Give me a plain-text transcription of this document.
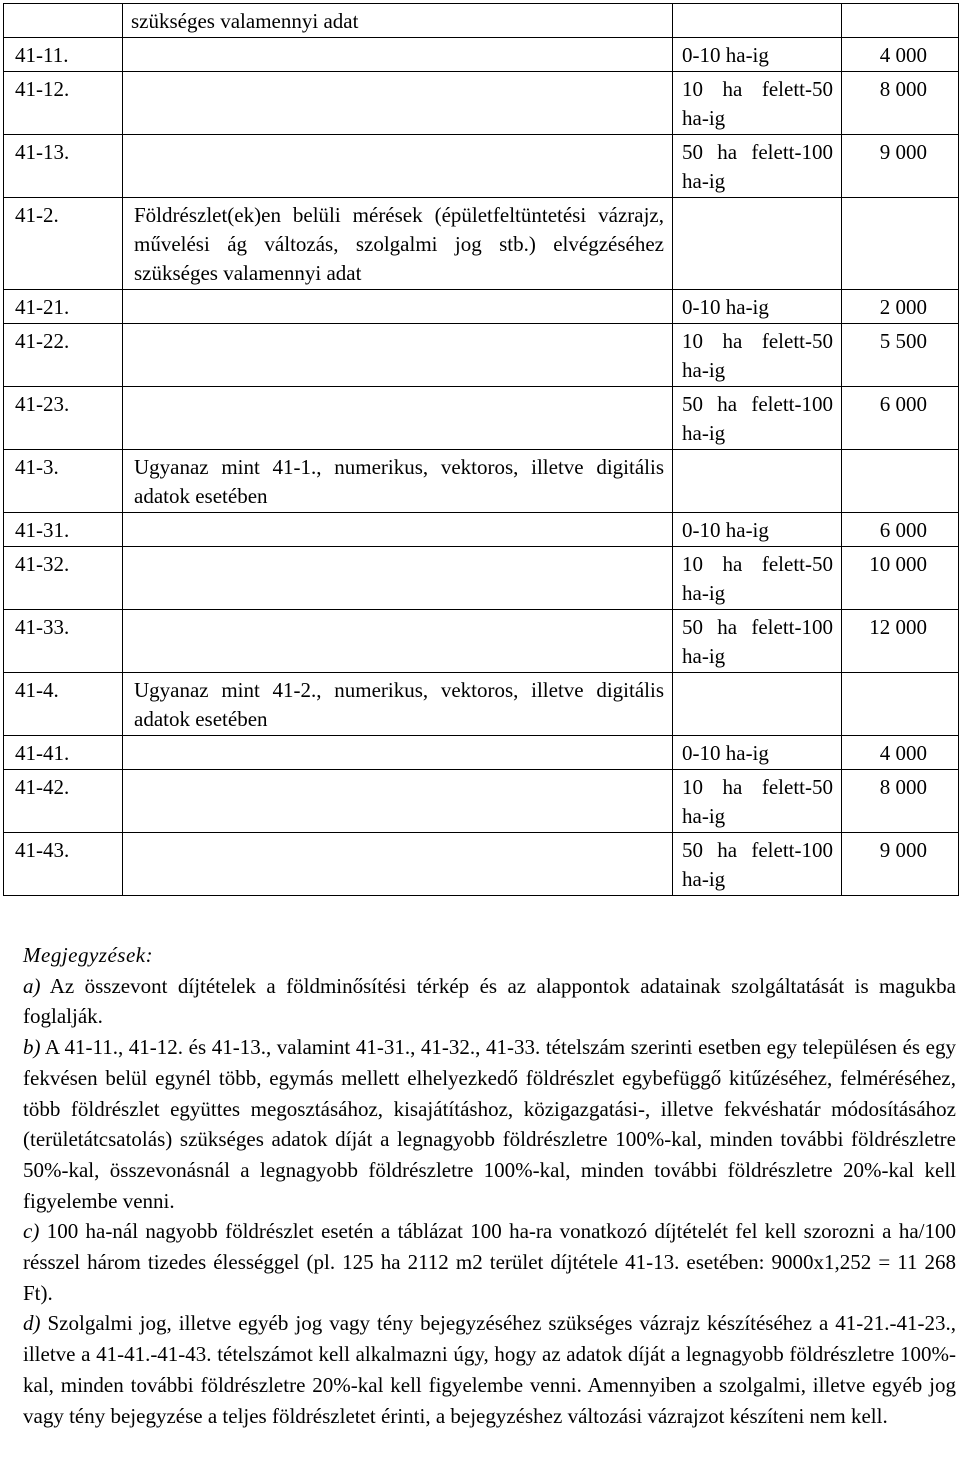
	szükséges valamennyi adat		

41-11.		0-10 ha-ig	4 000

41-12.		10 ha felett-50 ha-ig	8 000

41-13.		50 ha felett-100 ha-ig	9 000

41-2.	Földrészlet(ek)en belüli mérések (épületfeltüntetési vázrajz, művelési ág változás, szolgalmi jog stb.) elvégzéséhez szükséges valamennyi adat		

41-21.		0-10 ha-ig	2 000

41-22.		10 ha felett-50 ha-ig	5 500

41-23.		50 ha felett-100 ha-ig	6 000

41-3.	Ugyanaz mint 41-1., numerikus, vektoros, illetve digitális adatok esetében		

41-31.		0-10 ha-ig	6 000

41-32.		10 ha felett-50 ha-ig	10 000

41-33.		50 ha felett-100 ha-ig	12 000

41-4.	Ugyanaz mint 41-2., numerikus, vektoros, illetve digitális adatok esetében		

41-41.		0-10 ha-ig	4 000

41-42.		10 ha felett-50 ha-ig	8 000

41-43.		50 ha felett-100 ha-ig	9 000

Megjegyzések:

a) Az összevont díjtételek a földminősítési térkép és az alappontok adatainak szolgáltatását is magukba foglalják.

b) A 41-11., 41-12. és 41-13., valamint 41-31., 41-32., 41-33. tételszám szerinti esetben egy településen és egy fekvésen belül egynél több, egymás mellett elhelyezkedő földrészlet egybefüggő kitűzéséhez, felméréséhez, több földrészlet együttes megosztásához, kisajátításhoz, közigazgatási-, illetve fekvéshatár módosításához (területátcsatolás) szükséges adatok díját a legnagyobb földrészletre 100%-kal, minden további földrészletre 50%-kal, összevonásnál a legnagyobb földrészletre 100%-kal, minden további földrészletre 20%-kal kell figyelembe venni.

c) 100 ha-nál nagyobb földrészlet esetén a táblázat 100 ha-ra vonatkozó díjtételét fel kell szorozni a ha/100 résszel három tizedes élességgel (pl. 125 ha 2112 m2 terület díjtétele 41-13. esetében: 9000x1,252 = 11 268 Ft).

d) Szolgalmi jog, illetve egyéb jog vagy tény bejegyzéséhez szükséges vázrajz készítéséhez a 41-21.-41-23., illetve a 41-41.-41-43. tételszámot kell alkalmazni úgy, hogy az adatok díját a legnagyobb földrészletre 100%-kal, minden további földrészletre 20%-kal kell figyelembe venni. Amennyiben a szolgalmi, illetve egyéb jog vagy tény bejegyzése a teljes földrészletet érinti, a bejegyzéshez változási vázrajzot készíteni nem kell.
